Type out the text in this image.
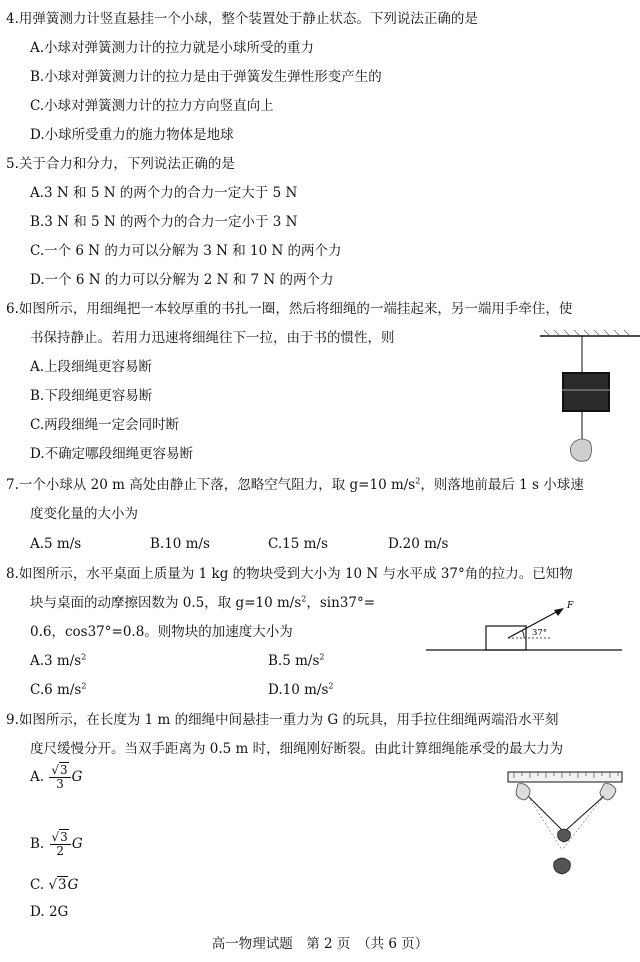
4.用弹簧测力计竖直悬挂一个小球，整个装置处于静止状态。下列说法正确的是
A.小球对弹簧测力计的拉力就是小球所受的重力
B.小球对弹簧测力计的拉力是由于弹簧发生弹性形变产生的
C.小球对弹簧测力计的拉力方向竖直向上
D.小球所受重力的施力物体是地球
5.关于合力和分力，下列说法正确的是
A.3 N 和 5 N 的两个力的合力一定大于 5 N
B.3 N 和 5 N 的两个力的合力一定小于 3 N
C.一个 6 N 的力可以分解为 3 N 和 10 N 的两个力
D.一个 6 N 的力可以分解为 2 N 和 7 N 的两个力
6.如图所示，用细绳把一本较厚重的书扎一圈，然后将细绳的一端挂起来，另一端用手牵住，使
书保持静止。若用力迅速将细绳往下一拉，由于书的惯性，则
A.上段细绳更容易断
B.下段细绳更容易断
C.两段细绳一定会同时断
D.不确定哪段细绳更容易断
7.一个小球从 20 m 高处由静止下落，忽略空气阻力，取 g=10 $m/s^2$，则落地前最后 1 s 小球速
度变化量的大小为
A.5 m/s	B.10 m/s	C.15 m/s	D.20 m/s
8.如图所示，水平桌面上质量为 1 kg 的物块受到大小为 10 N 与水平成 37°角的拉力。已知物
块与桌面的动摩擦因数为 0.5，取 g=10 $m/s^2$，sin37°=
0.6，cos37°=0.8。则物块的加速度大小为
A.3 $m/s^2$	B.5 $m/s^2$
C.6 $m/s^2$	D.10 $m/s^2$
F
37°
9.如图所示，在长度为 1 m 的细绳中间悬挂一重力为 G 的玩具，用手拉住细绳两端沿水平刻
度尺缓慢分开。当双手距离为 0.5 m 时，细绳刚好断裂。由此计算细绳能承受的最大力为
A. $\frac{√3}{3}$ G
B. $\frac{√3}{2}$ G
C. √3G
D. 2G
高一物理试题　第 2 页　（共 6 页）
